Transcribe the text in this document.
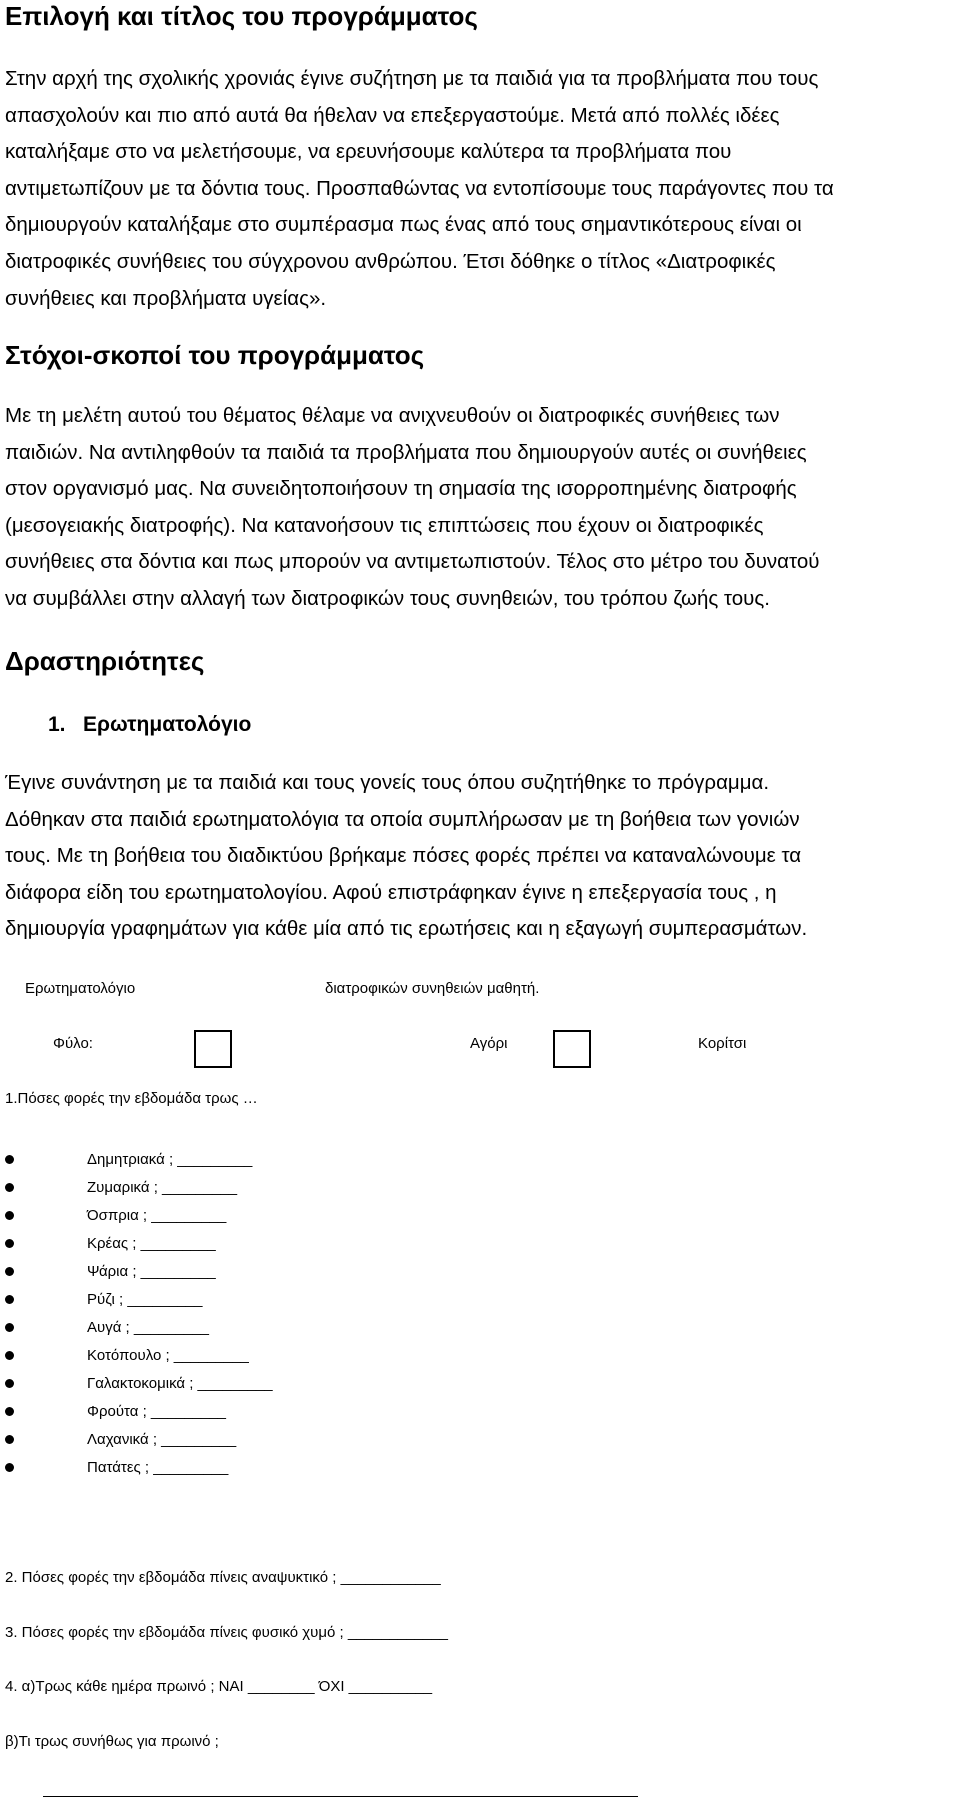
Επιλογή και τίτλος του προγράμματος
Στην αρχή της σχολικής χρονιάς έγινε συζήτηση με τα παιδιά για τα προβλήματα που τους
απασχολούν και πιο από αυτά θα ήθελαν να επεξεργαστούμε. Μετά από πολλές ιδέες
καταλήξαμε στο να μελετήσουμε, να ερευνήσουμε καλύτερα τα προβλήματα που
αντιμετωπίζουν με τα δόντια τους. Προσπαθώντας να εντοπίσουμε τους παράγοντες που τα
δημιουργούν καταλήξαμε στο συμπέρασμα πως ένας από τους σημαντικότερους είναι οι
διατροφικές συνήθειες του σύγχρονου ανθρώπου. Έτσι δόθηκε ο τίτλος «Διατροφικές
συνήθειες και προβλήματα υγείας».
Στόχοι-σκοποί του προγράμματος
Με τη μελέτη αυτού του θέματος θέλαμε να ανιχνευθούν οι διατροφικές συνήθειες των
παιδιών. Να αντιληφθούν τα παιδιά τα προβλήματα που δημιουργούν αυτές οι συνήθειες
στον οργανισμό μας. Να συνειδητοποιήσουν τη σημασία της ισορροπημένης διατροφής
(μεσογειακής διατροφής). Να κατανοήσουν τις επιπτώσεις που έχουν οι διατροφικές
συνήθειες στα δόντια και πως μπορούν να αντιμετωπιστούν. Τέλος στο μέτρο του δυνατού
να συμβάλλει στην αλλαγή των διατροφικών τους συνηθειών, του τρόπου ζωής τους.
Δραστηριότητες
1. Ερωτηματολόγιο
Έγινε συνάντηση με τα παιδιά και τους γονείς τους όπου συζητήθηκε το πρόγραμμα.
Δόθηκαν στα παιδιά ερωτηματολόγια τα οποία συμπλήρωσαν με τη βοήθεια των γονιών
τους. Με τη βοήθεια του διαδικτύου βρήκαμε πόσες φορές πρέπει να καταναλώνουμε τα
διάφορα είδη του ερωτηματολογίου. Αφού επιστράφηκαν έγινε η επεξεργασία τους , η
δημιουργία γραφημάτων για κάθε μία από τις ερωτήσεις και η εξαγωγή συμπερασμάτων.
Ερωτηματολόγιο	διατροφικών συνηθειών μαθητή.
Φύλο:	Αγόρι	Κορίτσι
1.Πόσες φορές την εβδομάδα τρως …
Δημητριακά ; _________
Ζυμαρικά ; _________
Όσπρια ; _________
Κρέας ; _________
Ψάρια ; _________
Ρύζι ; _________
Αυγά ; _________
Κοτόπουλο ; _________
Γαλακτοκομικά ; _________
Φρούτα ; _________
Λαχανικά ; _________
Πατάτες ; _________
2. Πόσες φορές την εβδομάδα πίνεις αναψυκτικό ; ____________
3. Πόσες φορές την εβδομάδα πίνεις φυσικό χυμό ; ____________
4. α)Τρως κάθε ημέρα πρωινό ; ΝΑΙ ________ ΌΧΙ __________
β)Τι τρως συνήθως για πρωινό ;
